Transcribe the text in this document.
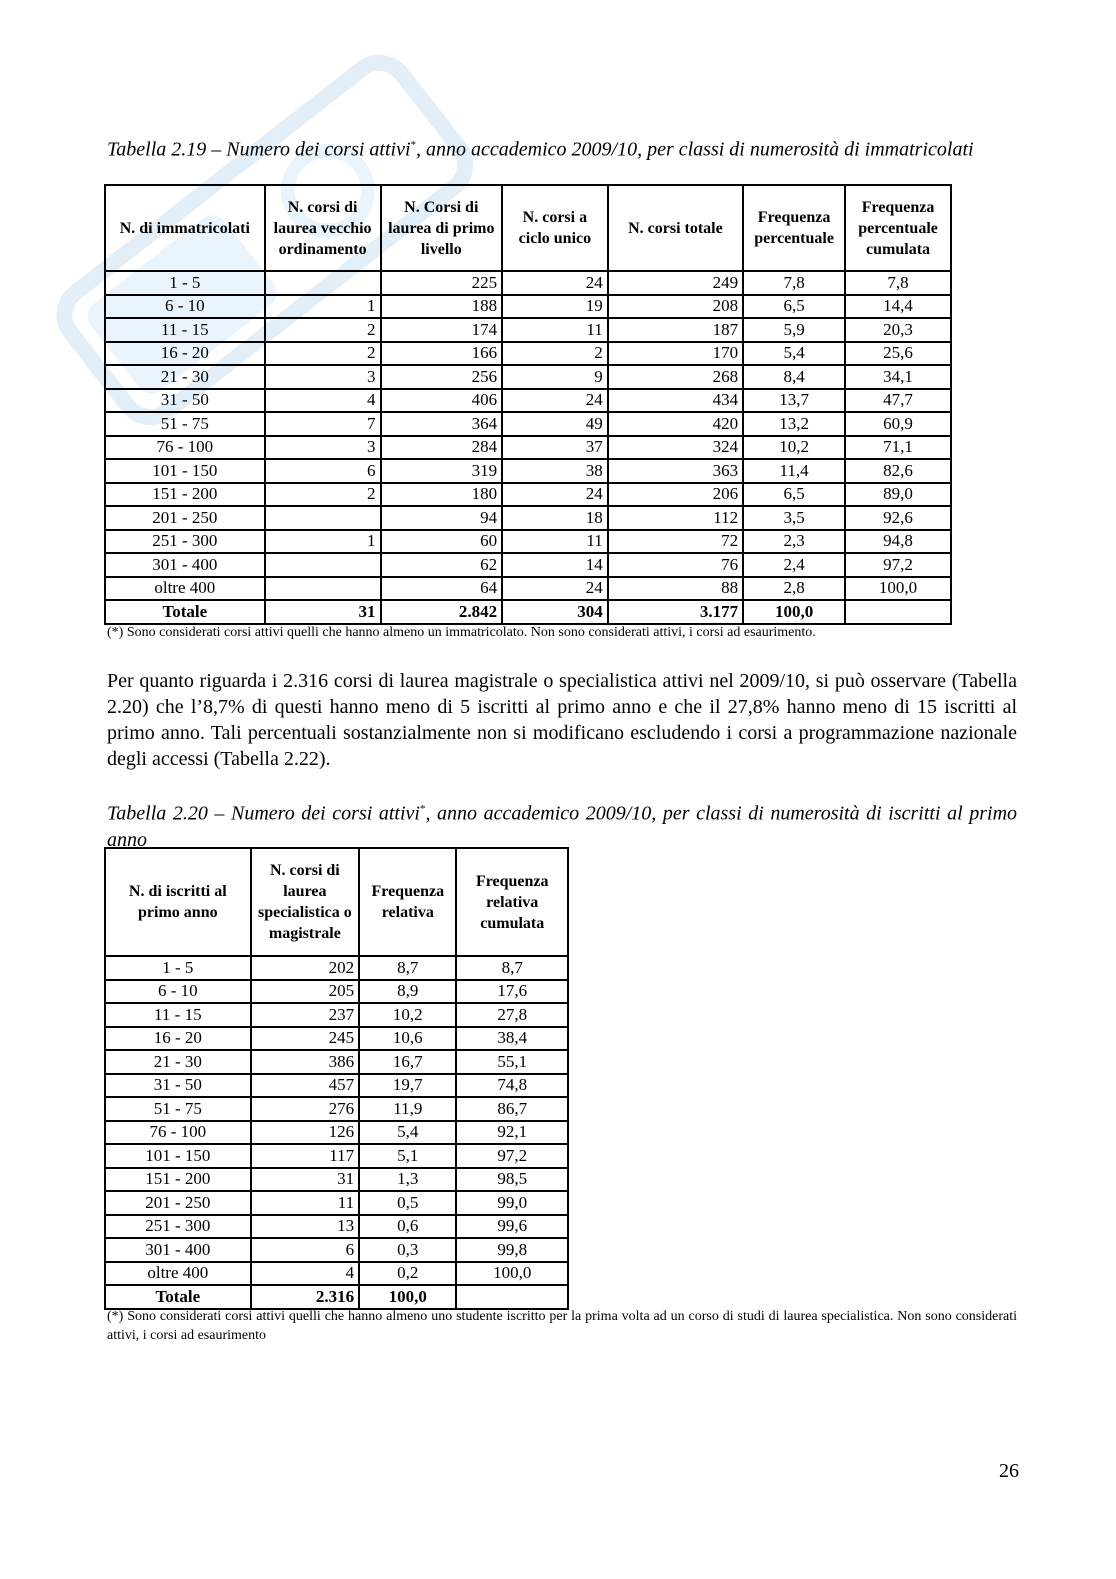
Tabella 2.19 – Numero dei corsi attivi*, anno accademico 2009/10, per classi di numerosità di immatricolati
N. di immatricolati	N. corsi di laurea vecchio ordinamento	N. Corsi di laurea di primo livello	N. corsi a ciclo unico	N. corsi totale	Frequenza percentuale	Frequenza percentuale cumulata
1 - 5		225	24	249	7,8	7,8
6 - 10	1	188	19	208	6,5	14,4
11 - 15	2	174	11	187	5,9	20,3
16 - 20	2	166	2	170	5,4	25,6
21 - 30	3	256	9	268	8,4	34,1
31 - 50	4	406	24	434	13,7	47,7
51 - 75	7	364	49	420	13,2	60,9
76 - 100	3	284	37	324	10,2	71,1
101 - 150	6	319	38	363	11,4	82,6
151 - 200	2	180	24	206	6,5	89,0
201 - 250		94	18	112	3,5	92,6
251 - 300	1	60	11	72	2,3	94,8
301 - 400		62	14	76	2,4	97,2
oltre 400		64	24	88	2,8	100,0
Totale	31	2.842	304	3.177	100,0	
(*) Sono considerati corsi attivi quelli che hanno almeno un immatricolato. Non sono considerati attivi, i corsi ad esaurimento.
Per quanto riguarda i 2.316 corsi di laurea magistrale o specialistica attivi nel 2009/10, si può osservare (Tabella 2.20) che l’8,7% di questi hanno meno di 5 iscritti al primo anno e che il 27,8% hanno meno di 15 iscritti al primo anno. Tali percentuali sostanzialmente non si modificano escludendo i corsi a programmazione nazionale degli accessi (Tabella 2.22).
Tabella 2.20 – Numero dei corsi attivi*, anno accademico 2009/10, per classi di numerosità di iscritti al primo anno
N. di iscritti al primo anno	N. corsi di laurea specialistica o magistrale	Frequenza relativa	Frequenza relativa cumulata
1 - 5	202	8,7	8,7
6 - 10	205	8,9	17,6
11 - 15	237	10,2	27,8
16 - 20	245	10,6	38,4
21 - 30	386	16,7	55,1
31 - 50	457	19,7	74,8
51 - 75	276	11,9	86,7
76 - 100	126	5,4	92,1
101 - 150	117	5,1	97,2
151 - 200	31	1,3	98,5
201 - 250	11	0,5	99,0
251 - 300	13	0,6	99,6
301 - 400	6	0,3	99,8
oltre 400	4	0,2	100,0
Totale	2.316	100,0	
(*) Sono considerati corsi attivi quelli che hanno almeno uno studente iscritto per la prima volta ad un corso di studi di laurea specialistica. Non sono considerati attivi, i corsi ad esaurimento
26
